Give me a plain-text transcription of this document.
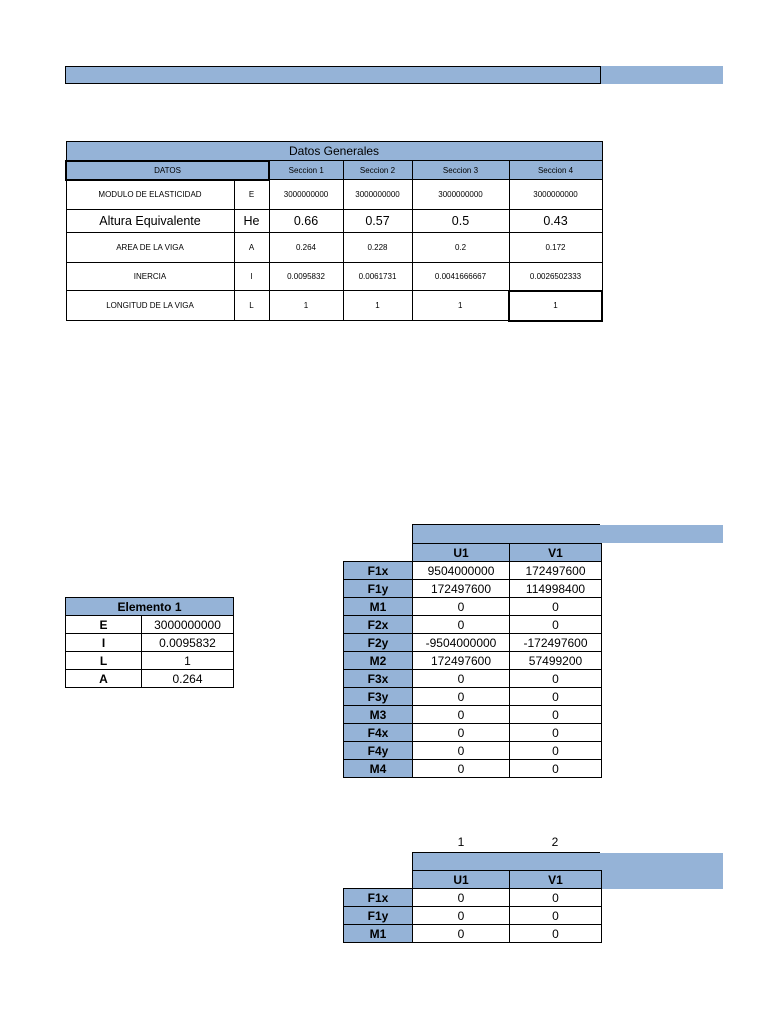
Datos Generales					
DATOS		Seccion 1	Seccion 2	Seccion 3	Seccion 4
MODULO DE ELASTICIDAD	E	3000000000	3000000000	3000000000	3000000000
Altura Equivalente	He	0.66	0.57	0.5	0.43
AREA DE LA VIGA	A	0.264	0.228	0.2	0.172
INERCIA	I	0.0095832	0.0061731	0.0041666667	0.0026502333
LONGITUD DE LA VIGA	L	1	1	1	1
Elemento 1	
E	3000000000
I	0.0095832
L	1
A	0.264
	U1	V1
F1x	9504000000	172497600
F1y	172497600	114998400
M1	0	0
F2x	0	0
F2y	-9504000000	-172497600
M2	172497600	57499200
F3x	0	0
F3y	0	0
M3	0	0
F4x	0	0
F4y	0	0
M4	0	0
1	2
	U1	V1
F1x	0	0
F1y	0	0
M1	0	0
